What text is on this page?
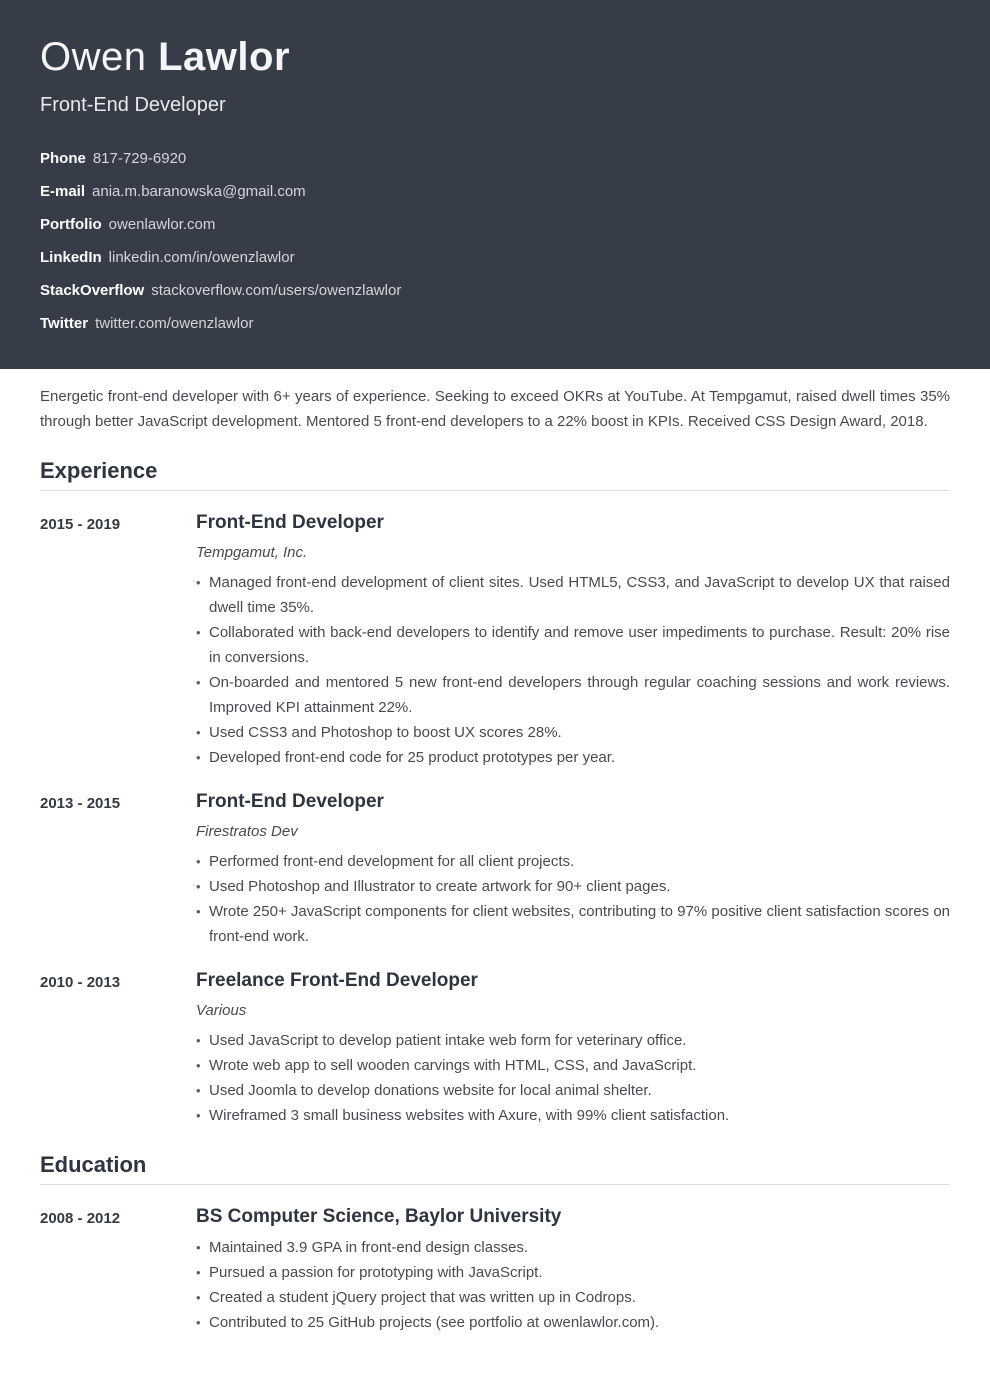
Owen Lawlor

Front-End Developer

Phone 817-729-6920
E-mail ania.m.baranowska@gmail.com
Portfolio owenlawlor.com
LinkedIn linkedin.com/in/owenzlawlor
StackOverflow stackoverflow.com/users/owenzlawlor
Twitter twitter.com/owenzlawlor

Energetic front-end developer with 6+ years of experience. Seeking to exceed OKRs at YouTube. At Tempgamut, raised dwell times 35% through better JavaScript development. Mentored 5 front-end developers to a 22% boost in KPIs. Received CSS Design Award, 2018.

Experience
2015 - 2019	Front-End Developer

Tempgamut, Inc.

• Managed front-end development of client sites. Used HTML5, CSS3, and JavaScript to develop UX that raised dwell time 35%.
• Collaborated with back-end developers to identify and remove user impediments to purchase. Result: 20% rise in conversions.
• On-boarded and mentored 5 new front-end developers through regular coaching sessions and work reviews. Improved KPI attainment 22%.
• Used CSS3 and Photoshop to boost UX scores 28%.
• Developed front-end code for 25 product prototypes per year.
2013 - 2015	Front-End Developer

Firestratos Dev

• Performed front-end development for all client projects.
• Used Photoshop and Illustrator to create artwork for 90+ client pages.
• Wrote 250+ JavaScript components for client websites, contributing to 97% positive client satisfaction scores on front-end work.
2010 - 2013	Freelance Front-End Developer

Various

• Used JavaScript to develop patient intake web form for veterinary office.
• Wrote web app to sell wooden carvings with HTML, CSS, and JavaScript.
• Used Joomla to develop donations website for local animal shelter.
• Wireframed 3 small business websites with Axure, with 99% client satisfaction.
Education
2008 - 2012	BS Computer Science, Baylor University
• Maintained 3.9 GPA in front-end design classes.
• Pursued a passion for prototyping with JavaScript.
• Created a student jQuery project that was written up in Codrops.
• Contributed to 25 GitHub projects (see portfolio at owenlawlor.com).
